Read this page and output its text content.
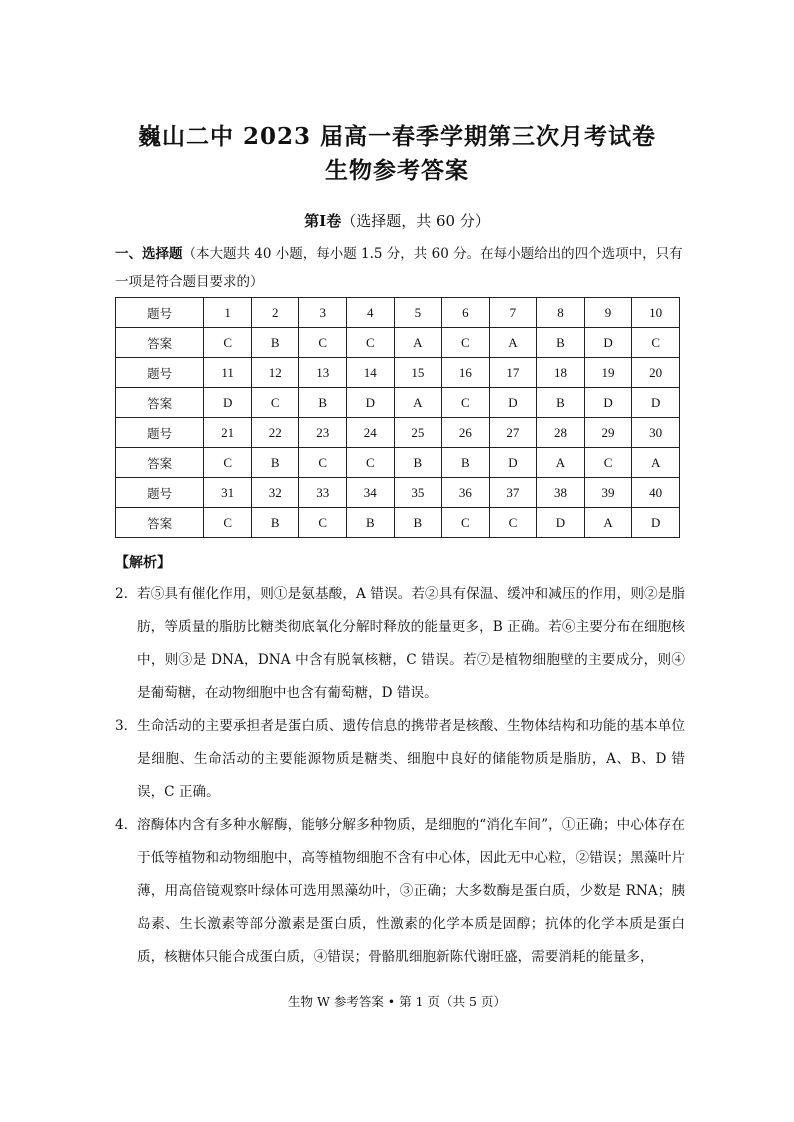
巍山二中 2023 届高一春季学期第三次月考试卷
生物参考答案
第Ⅰ卷（选择题，共 60 分）
一、选择题（本大题共 40 小题，每小题 1.5 分，共 60 分。在每小题给出的四个选项中，只有一项是符合题目要求的）
题号	1	2	3	4	5	6	7	8	9	10
答案	C	B	C	C	A	C	A	B	D	C
题号	11	12	13	14	15	16	17	18	19	20
答案	D	C	B	D	A	C	D	B	D	D
题号	21	22	23	24	25	26	27	28	29	30
答案	C	B	C	C	B	B	D	A	C	A
题号	31	32	33	34	35	36	37	38	39	40
答案	C	B	C	B	B	C	C	D	A	D
【解析】
2． 若⑤具有催化作用，则①是氨基酸，A 错误。若②具有保温、缓冲和减压的作用，则②是脂肪，等质量的脂肪比糖类彻底氧化分解时释放的能量更多，B 正确。若⑥主要分布在细胞核中，则③是 DNA，DNA 中含有脱氧核糖，C 错误。若⑦是植物细胞壁的主要成分，则④是葡萄糖，在动物细胞中也含有葡萄糖，D 错误。
3． 生命活动的主要承担者是蛋白质、遗传信息的携带者是核酸、生物体结构和功能的基本单位是细胞、生命活动的主要能源物质是糖类、细胞中良好的储能物质是脂肪，A、B、D 错误，C 正确。
4． 溶酶体内含有多种水解酶，能够分解多种物质，是细胞的“消化车间”，①正确；中心体存在于低等植物和动物细胞中，高等植物细胞不含有中心体，因此无中心粒，②错误；黑藻叶片薄，用高倍镜观察叶绿体可选用黑藻幼叶，③正确；大多数酶是蛋白质，少数是 RNA；胰岛素、生长激素等部分激素是蛋白质，性激素的化学本质是固醇；抗体的化学本质是蛋白质，核糖体只能合成蛋白质，④错误；骨骼肌细胞新陈代谢旺盛，需要消耗的能量多，
生物 W 参考答案 • 第 1 页（共 5 页）
